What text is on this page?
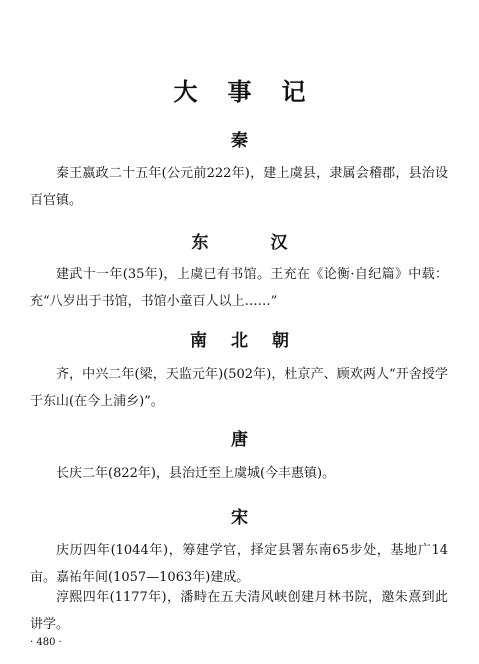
大事记
秦
秦王嬴政二十五年(公元前222年)，建上虞县，隶属会稽郡，县治设百官镇。
东汉
建武十一年(35年)，上虞已有书馆。王充在《论衡·自纪篇》中载：充“八岁出于书馆，书馆小童百人以上……”
南北朝
齐，中兴二年(梁，天监元年)(502年)，杜京产、顾欢两人“开舍授学于东山(在今上浦乡)”。
唐
长庆二年(822年)，县治迁至上虞城(今丰惠镇)。
宋
庆历四年(1044年)，筹建学官，择定县署东南65步处，基地广14亩。嘉祐年间(1057—1063年)建成。
淳熙四年(1177年)，潘畤在五夫清风峡创建月林书院，邀朱熹到此讲学。
· 480 ·
